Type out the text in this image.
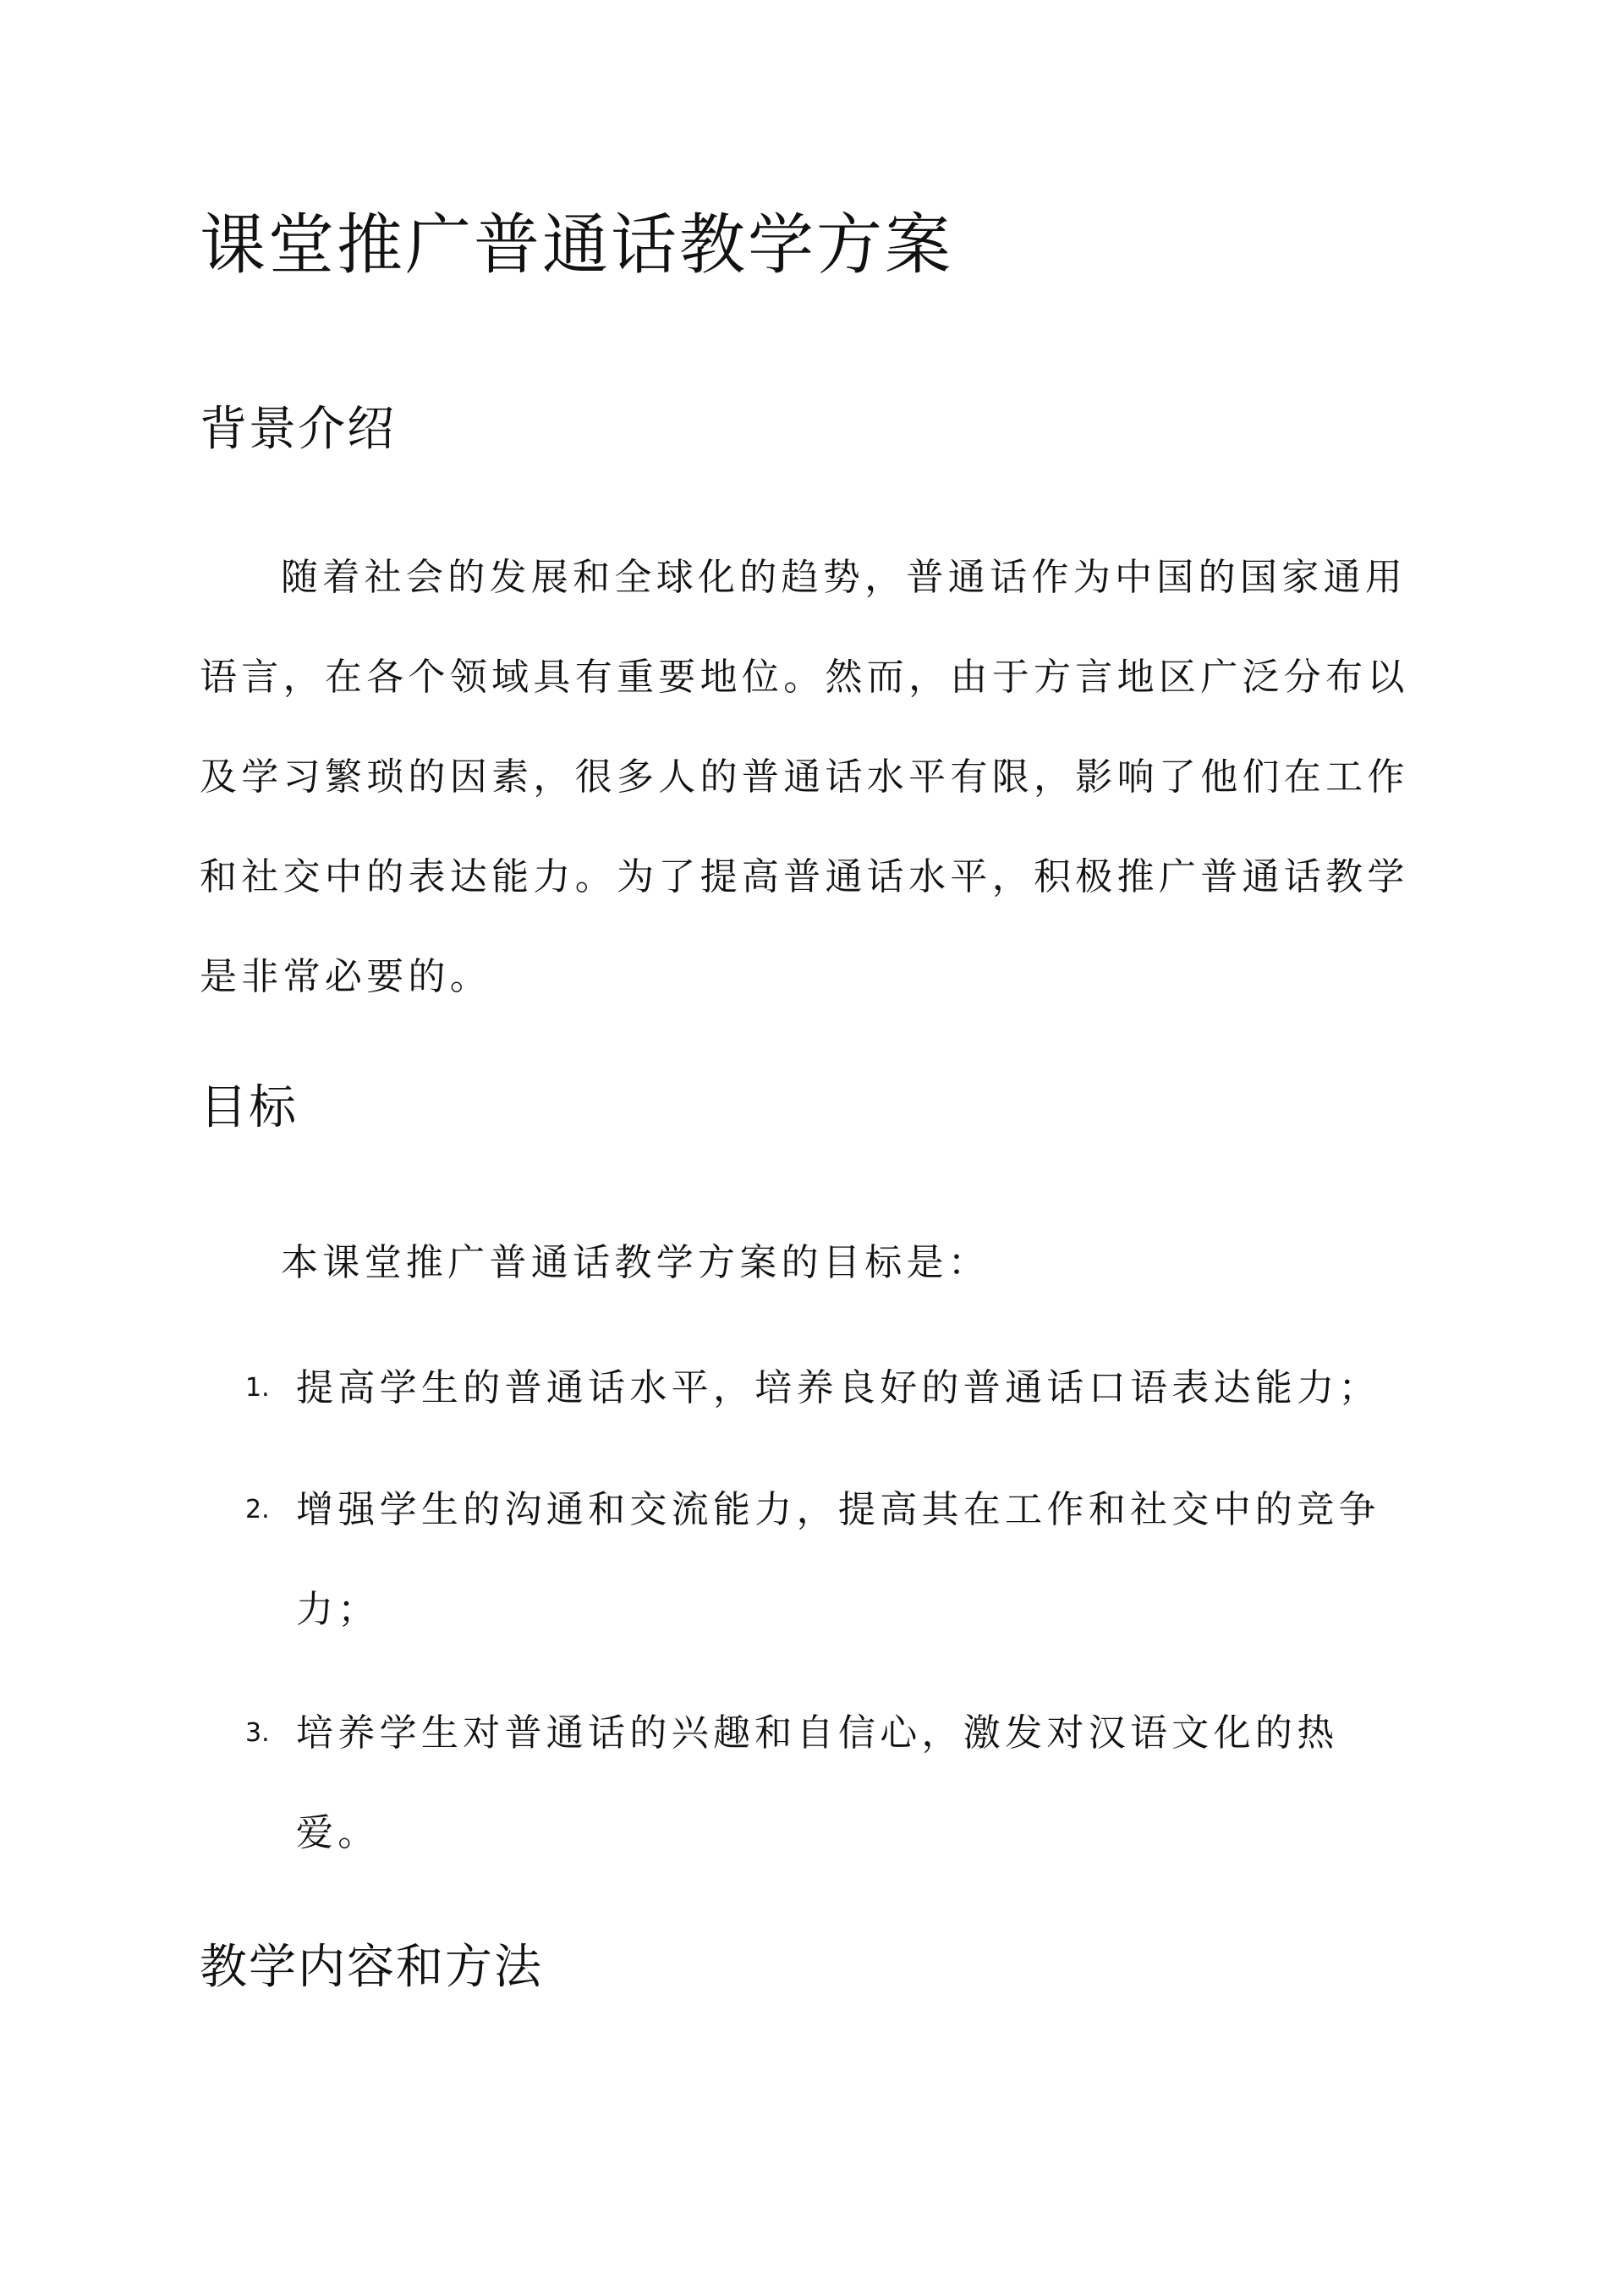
课堂推广普通话教学方案
背景介绍

随着社会的发展和全球化的趋势，普通话作为中国的国家通用语言，在各个领域具有重要地位。然而，由于方言地区广泛分布以及学习繁琐的因素，很多人的普通话水平有限，影响了他们在工作和社交中的表达能力。为了提高普通话水平，积极推广普通话教学是非常必要的。

目标

本课堂推广普通话教学方案的目标是：

1. 提高学生的普通话水平，培养良好的普通话口语表达能力；
2. 增强学生的沟通和交流能力，提高其在工作和社交中的竞争力；
3. 培养学生对普通话的兴趣和自信心，激发对汉语文化的热爱。
教学内容和方法
